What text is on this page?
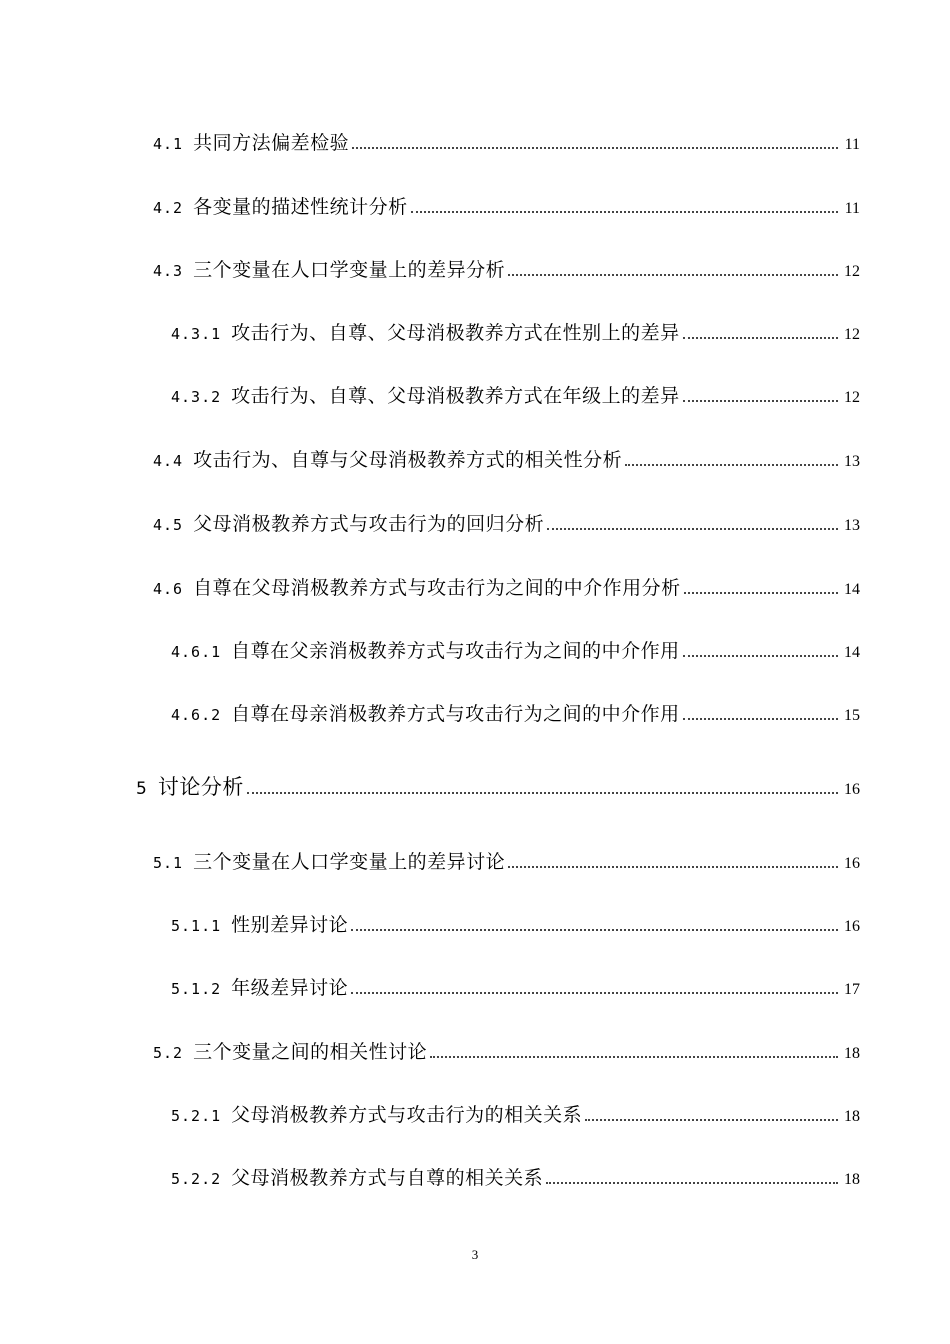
4.1 共同方法偏差检验	11
4.2 各变量的描述性统计分析	11
4.3 三个变量在人口学变量上的差异分析	12
4.3.1 攻击行为、自尊、父母消极教养方式在性别上的差异	12
4.3.2 攻击行为、自尊、父母消极教养方式在年级上的差异	12
4.4 攻击行为、自尊与父母消极教养方式的相关性分析	13
4.5 父母消极教养方式与攻击行为的回归分析	13
4.6 自尊在父母消极教养方式与攻击行为之间的中介作用分析	14
4.6.1 自尊在父亲消极教养方式与攻击行为之间的中介作用	14
4.6.2 自尊在母亲消极教养方式与攻击行为之间的中介作用	15
5 讨论分析	16
5.1 三个变量在人口学变量上的差异讨论	16
5.1.1 性别差异讨论	16
5.1.2 年级差异讨论	17
5.2 三个变量之间的相关性讨论	18
5.2.1 父母消极教养方式与攻击行为的相关关系	18
5.2.2 父母消极教养方式与自尊的相关关系	18
3
